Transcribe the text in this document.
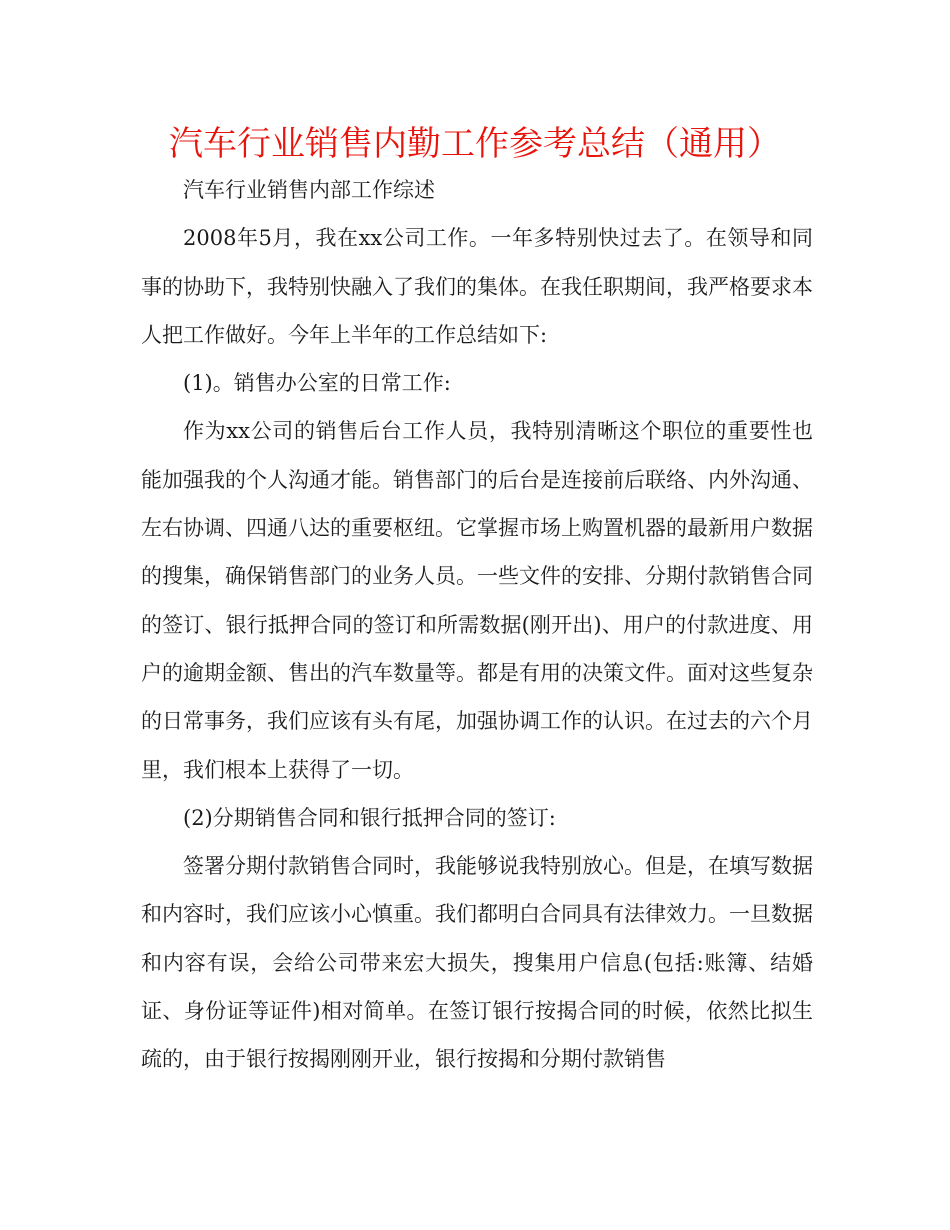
汽车行业销售内勤工作参考总结（通用）

汽车行业销售内部工作综述

2008年5月，我在xx公司工作。一年多特别快过去了。在领导和同事的协助下，我特别快融入了我们的集体。在我任职期间，我严格要求本人把工作做好。今年上半年的工作总结如下:

(1)。销售办公室的日常工作:

作为xx公司的销售后台工作人员，我特别清晰这个职位的重要性也能加强我的个人沟通才能。销售部门的后台是连接前后联络、内外沟通、左右协调、四通八达的重要枢纽。它掌握市场上购置机器的最新用户数据的搜集，确保销售部门的业务人员。一些文件的安排、分期付款销售合同的签订、银行抵押合同的签订和所需数据(刚开出)、用户的付款进度、用户的逾期金额、售出的汽车数量等。都是有用的决策文件。面对这些复杂的日常事务，我们应该有头有尾，加强协调工作的认识。在过去的六个月里，我们根本上获得了一切。

(2)分期销售合同和银行抵押合同的签订:

签署分期付款销售合同时，我能够说我特别放心。但是，在填写数据和内容时，我们应该小心慎重。我们都明白合同具有法律效力。一旦数据和内容有误，会给公司带来宏大损失，搜集用户信息(包括:账簿、结婚证、身份证等证件)相对简单。在签订银行按揭合同的时候，依然比拟生疏的，由于银行按揭刚刚开业，银行按揭和分期付款销售
